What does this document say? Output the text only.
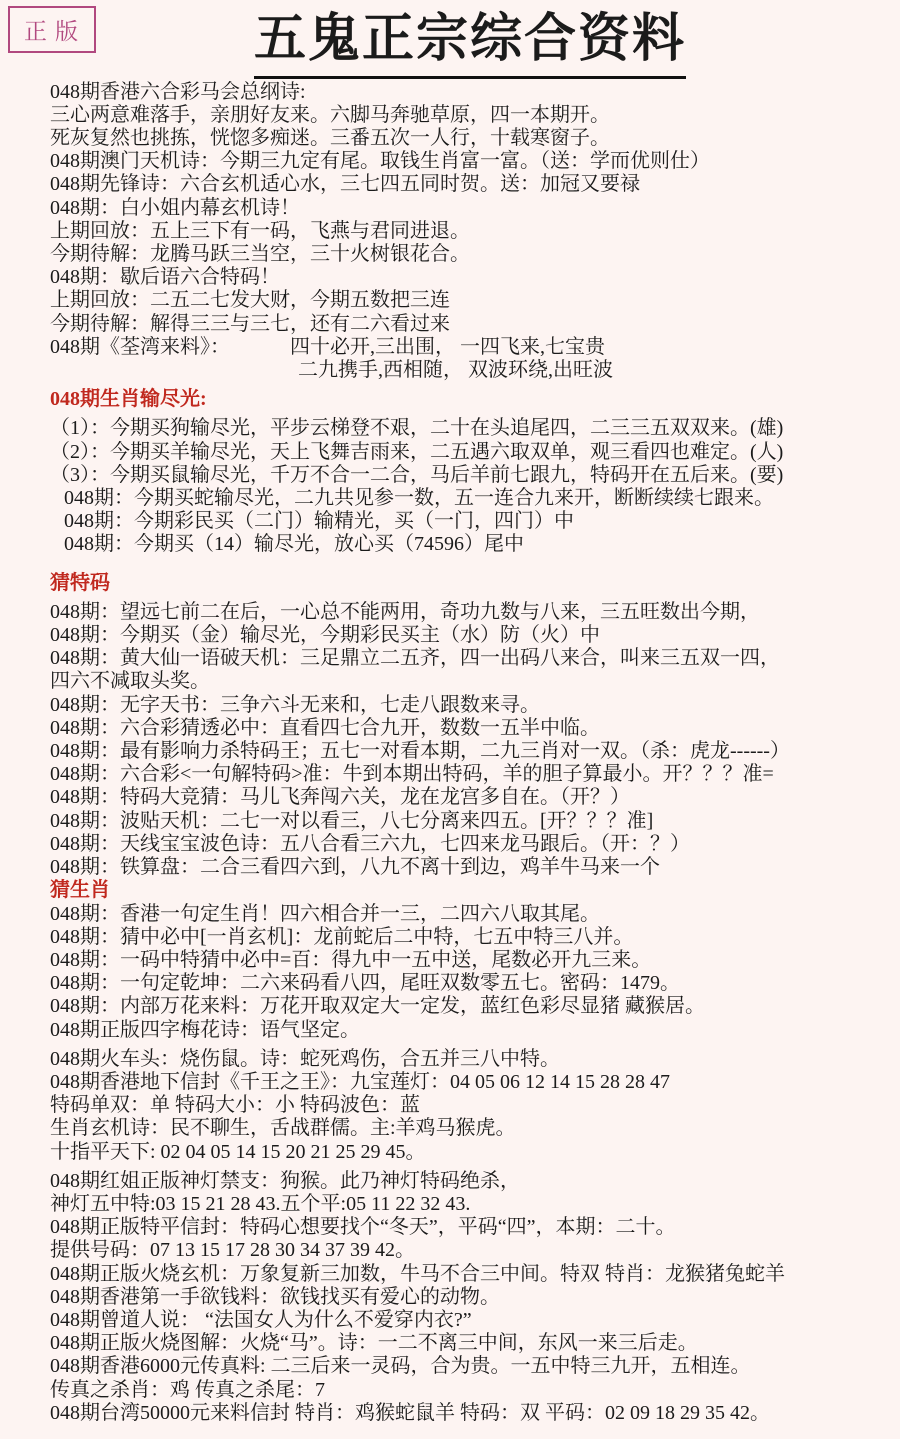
正版	五鬼正宗综合资料
048期香港六合彩马会总纲诗:
三心两意难落手，亲朋好友来。六脚马奔驰草原，四一本期开。
死灰复然也挑拣，恍惚多痴迷。三番五次一人行，十载寒窗子。
048期澳门天机诗：今期三九定有尾。取钱生肖富一富。（送：学而优则仕）
048期先锋诗：六合玄机适心水，三七四五同时贺。送：加冠又要禄
048期：白小姐内幕玄机诗！
上期回放：五上三下有一码，飞燕与君同进退。
今期待解：龙腾马跃三当空，三十火树银花合。
048期：歇后语六合特码！
上期回放：二五二七发大财，今期五数把三连
今期待解：解得三三与三七，还有二六看过来
048期《荃湾来料》：	四十必开,三出围， 一四飞来,七宝贵
二九携手,西相随， 双波环绕,出旺波
048期生肖输尽光:
（1）：今期买狗输尽光，平步云梯登不艰，二十在头追尾四，二三三五双双来。(雄)
（2）：今期买羊输尽光，天上飞舞吉雨来，二五遇六取双单，观三看四也难定。(人)
（3）：今期买鼠输尽光，千万不合一二合，马后羊前七跟九，特码开在五后来。(要)
048期：今期买蛇输尽光，二九共见参一数，五一连合九来开，断断续续七跟来。
048期：今期彩民买（二门）输精光，买（一门，四门）中
048期：今期买（14）输尽光，放心买（74596）尾中
猜特码
048期：望远七前二在后，一心总不能两用，奇功九数与八来，三五旺数出今期，
048期：今期买（金）输尽光，今期彩民买主（水）防（火）中
048期：黄大仙一语破天机：三足鼎立二五齐，四一出码八来合，叫来三五双一四，
四六不减取头奖。
048期：无字天书：三争六斗无来和，七走八跟数来寻。
048期：六合彩猜透必中：直看四七合九开，数数一五半中临。
048期：最有影响力杀特码王；五七一对看本期，二九三肖对一双。（杀：虎龙------）
048期：六合彩<一句解特码>准：牛到本期出特码，羊的胆子算最小。开？？？准=
048期：特码大竞猜：马儿飞奔闯六关，龙在龙宫多自在。（开？）
048期：波贴天机：二七一对以看三，八七分离来四五。[开？？？准]
048期：天线宝宝波色诗：五八合看三六九，七四来龙马跟后。（开：？）
048期：铁算盘：二合三看四六到，八九不离十到边，鸡羊牛马来一个
猜生肖
048期：香港一句定生肖！四六相合并一三，二四六八取其尾。
048期：猜中必中[一肖玄机]：龙前蛇后二中特，七五中特三八并。
048期：一码中特猜中必中=百：得九中一五中送，尾数必开九三来。
048期：一句定乾坤：二六来码看八四，尾旺双数零五七。密码：1479。
048期：内部万花来料：万花开取双定大一定发，蓝红色彩尽显猪 藏猴居。
048期正版四字梅花诗：语气坚定。
048期火车头：烧伤鼠。诗：蛇死鸡伤，合五并三八中特。
048期香港地下信封《千王之王》：九宝莲灯：04 05 06 12 14 15 28 28 47
特码单双：单 特码大小：小 特码波色：蓝
生肖玄机诗：民不聊生，舌战群儒。主:羊鸡马猴虎。
十指平天下: 02 04 05 14 15 20 21 25 29 45。
048期红姐正版神灯禁支：狗猴。此乃神灯特码绝杀，
神灯五中特:03 15 21 28 43.五个平:05 11 22 32 43.
048期正版特平信封：特码心想要找个“冬天”，平码“四”，本期：二十。
提供号码：07 13 15 17 28 30 34 37 39 42。
048期正版火烧玄机：万象复新三加数，牛马不合三中间。特双 特肖：龙猴猪兔蛇羊
048期香港第一手欲钱料：欲钱找买有爱心的动物。
048期曾道人说： “法国女人为什么不爱穿内衣?”
048期正版火烧图解：火烧“马”。诗：一二不离三中间，东风一来三后走。
048期香港6000元传真料: 二三后来一灵码，合为贵。一五中特三九开，五相连。
传真之杀肖：鸡 传真之杀尾：7
048期台湾50000元来料信封 特肖：鸡猴蛇鼠羊 特码：双 平码：02 09 18 29 35 42。
